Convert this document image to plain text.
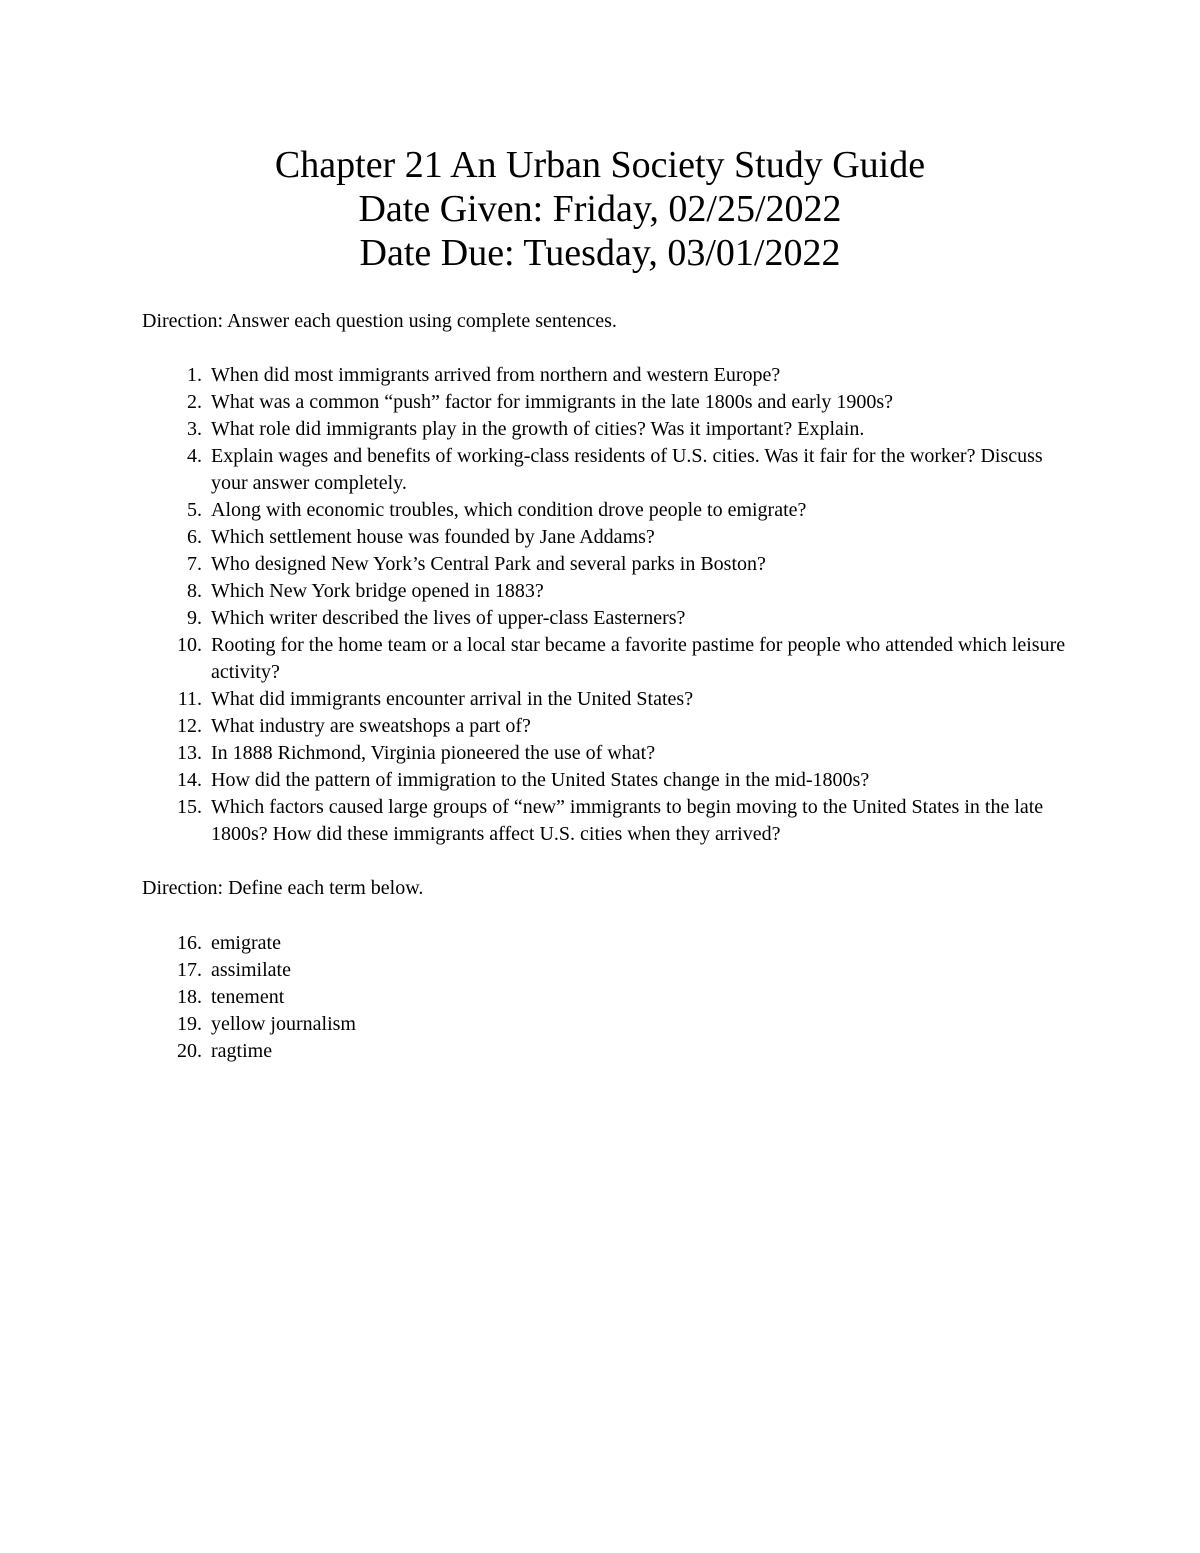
Chapter 21 An Urban Society Study Guide
Date Given: Friday, 02/25/2022
Date Due: Tuesday, 03/01/2022
Direction: Answer each question using complete sentences.
1. When did most immigrants arrived from northern and western Europe?
2. What was a common “push” factor for immigrants in the late 1800s and early 1900s?
3. What role did immigrants play in the growth of cities? Was it important? Explain.
4. Explain wages and benefits of working-class residents of U.S. cities. Was it fair for the worker? Discuss your answer completely.
5. Along with economic troubles, which condition drove people to emigrate?
6. Which settlement house was founded by Jane Addams?
7. Who designed New York’s Central Park and several parks in Boston?
8. Which New York bridge opened in 1883?
9. Which writer described the lives of upper-class Easterners?
10. Rooting for the home team or a local star became a favorite pastime for people who attended which leisure activity?
11. What did immigrants encounter arrival in the United States?
12. What industry are sweatshops a part of?
13. In 1888 Richmond, Virginia pioneered the use of what?
14. How did the pattern of immigration to the United States change in the mid-1800s?
15. Which factors caused large groups of “new” immigrants to begin moving to the United States in the late 1800s? How did these immigrants affect U.S. cities when they arrived?
Direction: Define each term below.
16. emigrate
17. assimilate
18. tenement
19. yellow journalism
20. ragtime
